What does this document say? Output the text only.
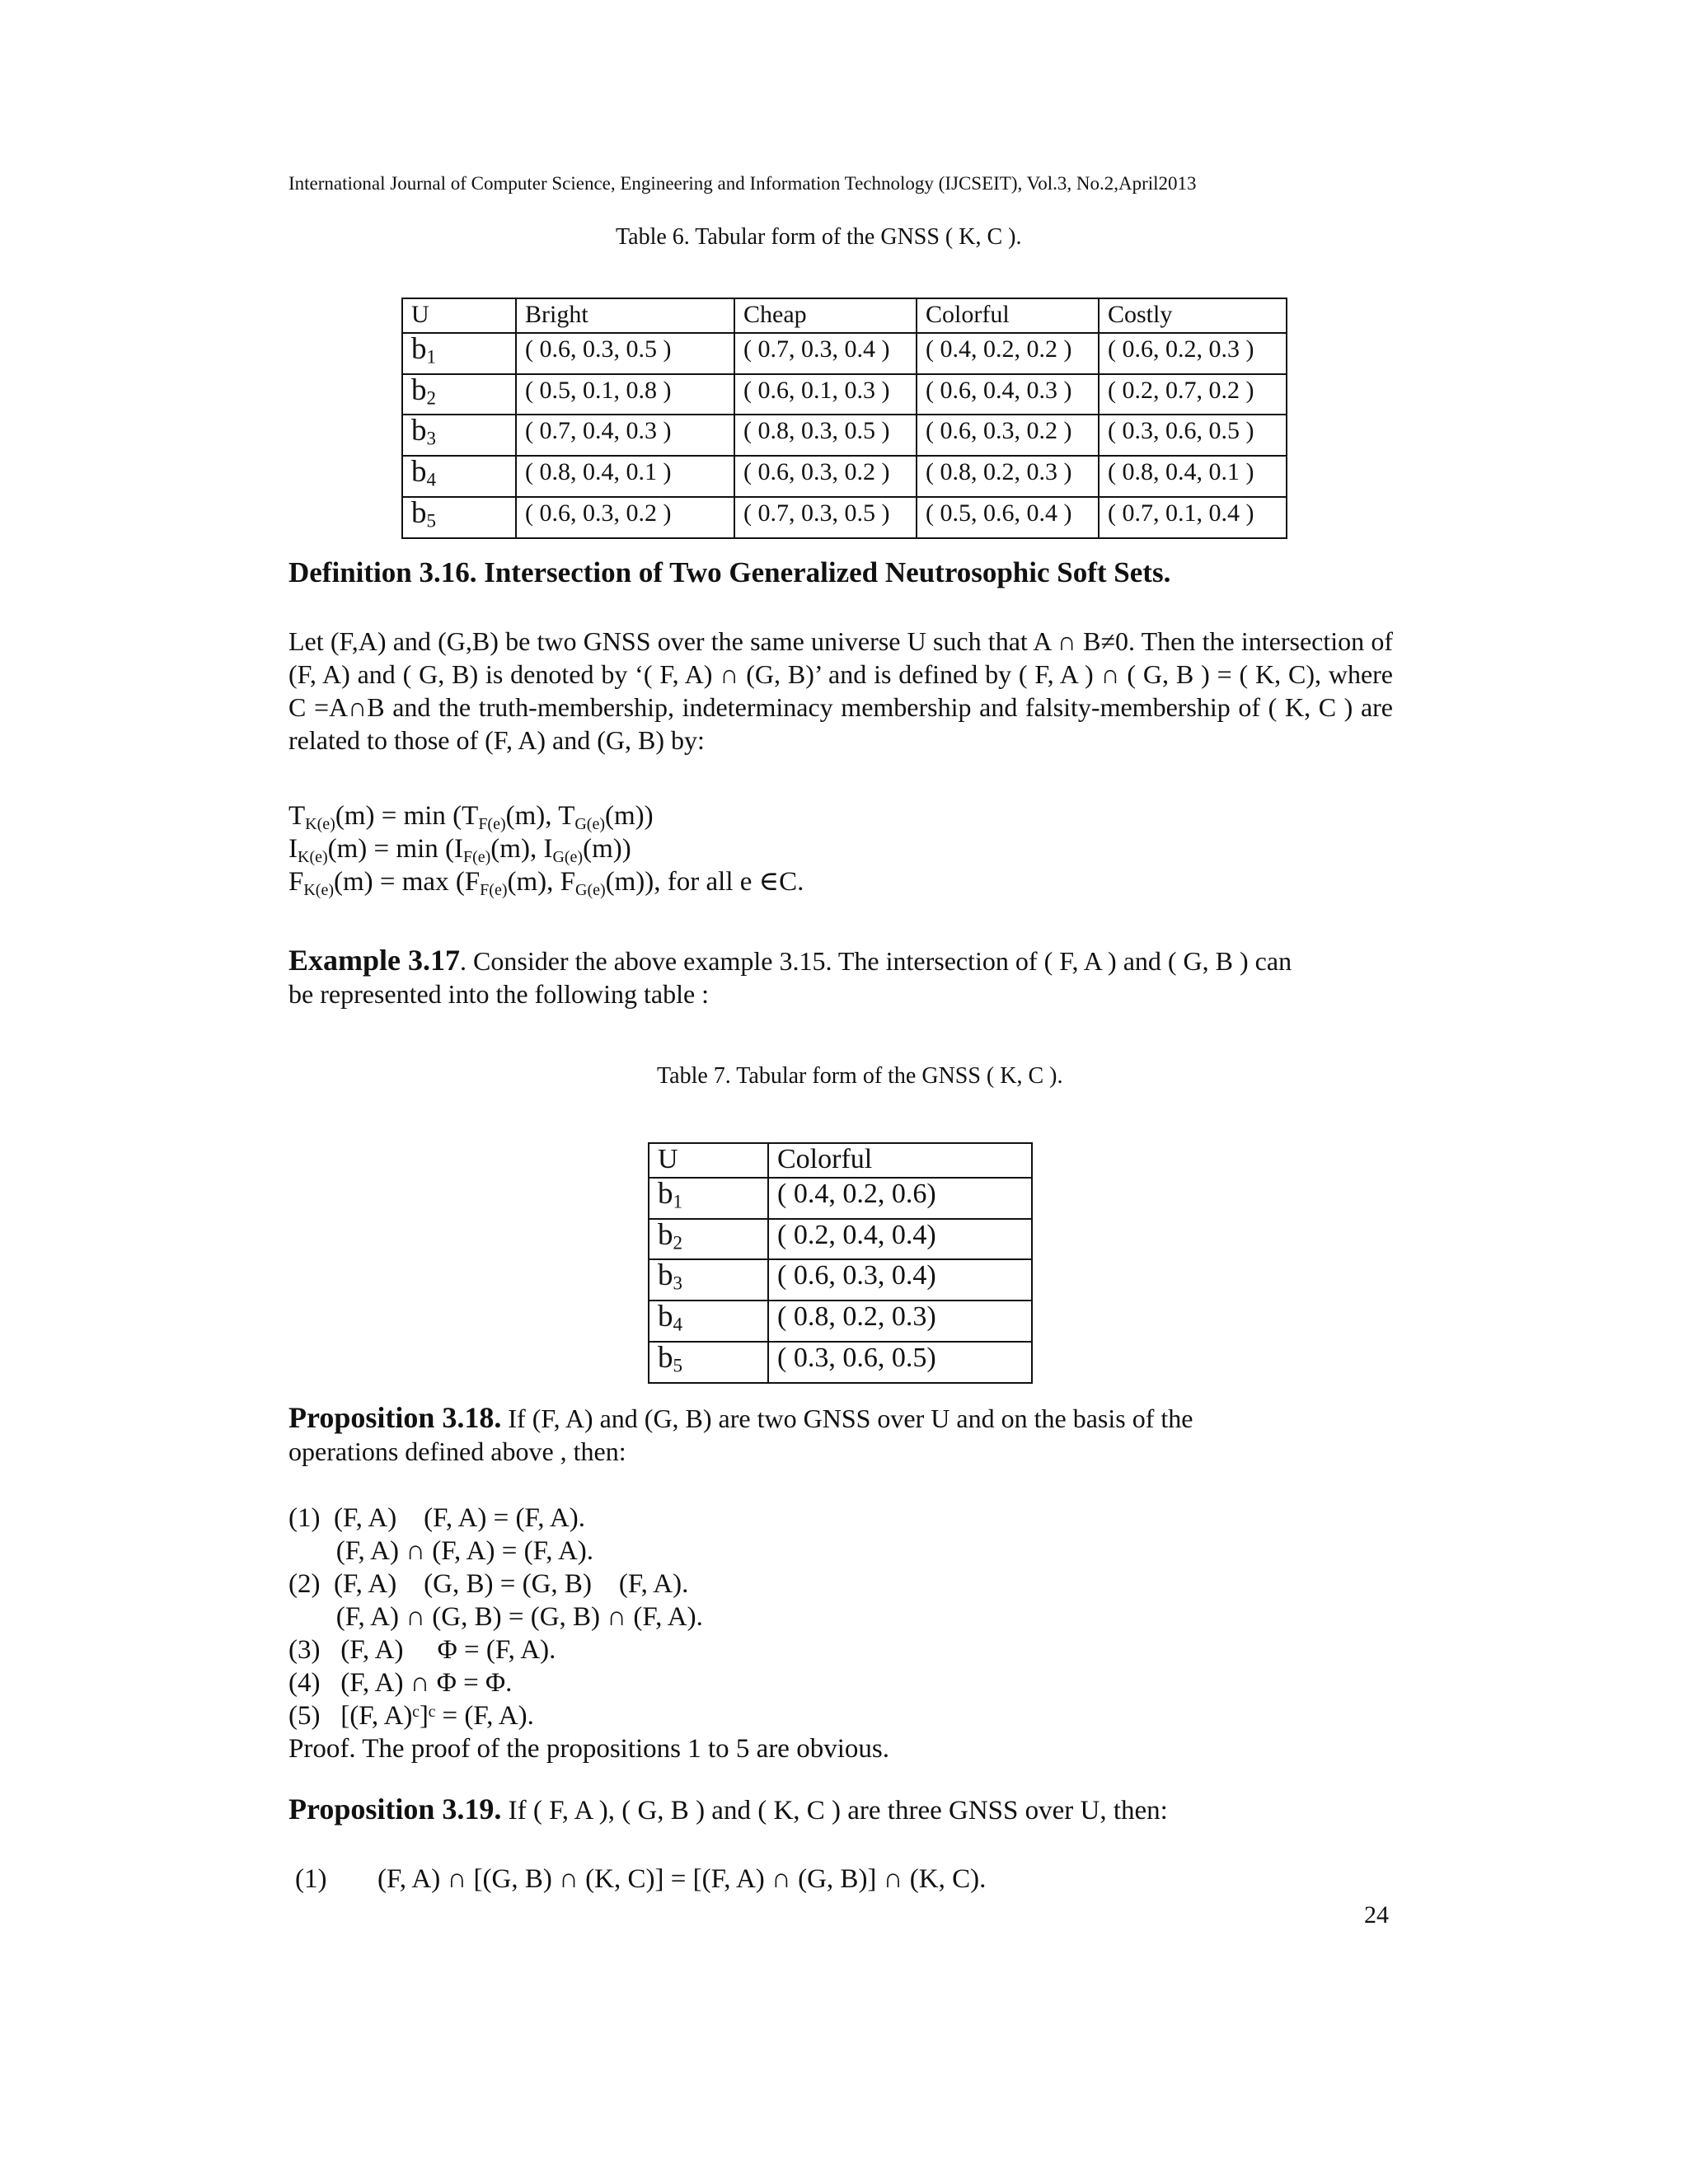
International Journal of Computer Science, Engineering and Information Technology (IJCSEIT), Vol.3, No.2,April2013
Table 6. Tabular form of the GNSS ( K, C ).
U	Bright	Cheap	Colorful	Costly
$b_1$	( 0.6, 0.3, 0.5 )	( 0.7, 0.3, 0.4 )	( 0.4, 0.2, 0.2 )	( 0.6, 0.2, 0.3 )
$b_2$	( 0.5, 0.1, 0.8 )	( 0.6, 0.1, 0.3 )	( 0.6, 0.4, 0.3 )	( 0.2, 0.7, 0.2 )
$b_3$	( 0.7, 0.4, 0.3 )	( 0.8, 0.3, 0.5 )	( 0.6, 0.3, 0.2 )	( 0.3, 0.6, 0.5 )
$b_4$	( 0.8, 0.4, 0.1 )	( 0.6, 0.3, 0.2 )	( 0.8, 0.2, 0.3 )	( 0.8, 0.4, 0.1 )
$b_5$	( 0.6, 0.3, 0.2 )	( 0.7, 0.3, 0.5 )	( 0.5, 0.6, 0.4 )	( 0.7, 0.1, 0.4 )
Definition 3.16. Intersection of Two Generalized Neutrosophic Soft Sets.
Let (F,A) and (G,B) be two GNSS over the same universe U such that A ∩ B≠0. Then the intersection of (F, A) and ( G, B) is denoted by ‘( F, A) ∩ (G, B)’ and is defined by ( F, A ) ∩ ( G, B ) = ( K, C), where C =A∩B and the truth-membership, indeterminacy membership and falsity-membership of ( K, C ) are related to those of (F, A) and (G, B) by:
$T_{K(e)}(m) = \min (T_{F(e)}(m)$, $T_{G(e)}(m)$)
$I_{K(e)}(m) = \min (I_{F(e)}(m)$, $I_{G(e)}(m)$)
$F_{K(e)}(m) = \max (F_{F(e)}(m)$, $F_{G(e)}(m)$), for all e ∈C.
Example 3.17. Consider the above example 3.15. The intersection of ( F, A ) and ( G, B ) can
be represented into the following table :
Table 7. Tabular form of the GNSS ( K, C ).
U	Colorful
$b_1$	( 0.4, 0.2, 0.6)
$b_2$	( 0.2, 0.4, 0.4)
$b_3$	( 0.6, 0.3, 0.4)
$b_4$	( 0.8, 0.2, 0.3)
$b_5$	( 0.3, 0.6, 0.5)
Proposition 3.18. If (F, A) and (G, B) are two GNSS over U and on the basis of the
operations defined above , then:
(1)  (F, A)    (F, A) = (F, A).
(F, A) ∩ (F, A) = (F, A).
(2)  (F, A)    (G, B) = (G, B)    (F, A).
(F, A) ∩ (G, B) = (G, B) ∩ (F, A).
(3)   (F, A)     Φ = (F, A).
(4)   (F, A) ∩ Φ = Φ.
(5)   [(F, A)ᶜ]ᶜ = (F, A).
Proof. The proof of the propositions 1 to 5 are obvious.
Proposition 3.19. If ( F, A ), ( G, B ) and ( K, C ) are three GNSS over U, then:
(1) (F, A) ∩ [(G, B) ∩ (K, C)] = [(F, A) ∩ (G, B)] ∩ (K, C).
24
